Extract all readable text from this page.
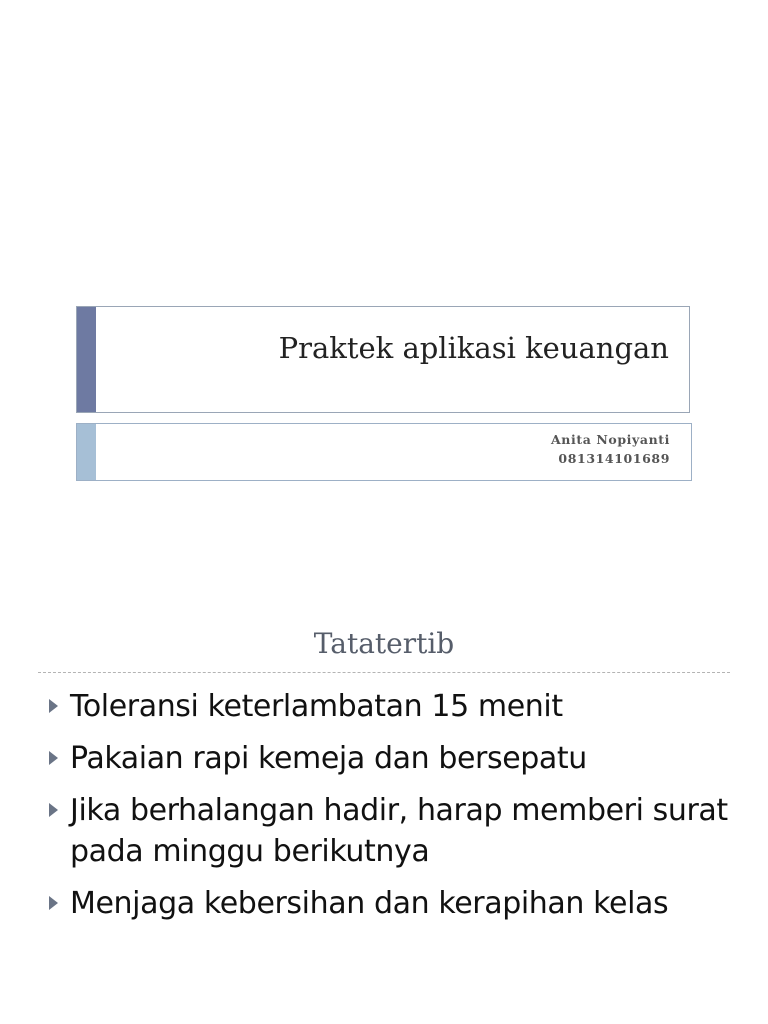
Praktek aplikasi keuangan
Anita Nopiyanti
081314101689
Tatatertib
Toleransi keterlambatan 15 menit
Pakaian rapi kemeja dan bersepatu
Jika berhalangan hadir, harap memberi surat pada minggu berikutnya
Menjaga kebersihan dan kerapihan kelas
